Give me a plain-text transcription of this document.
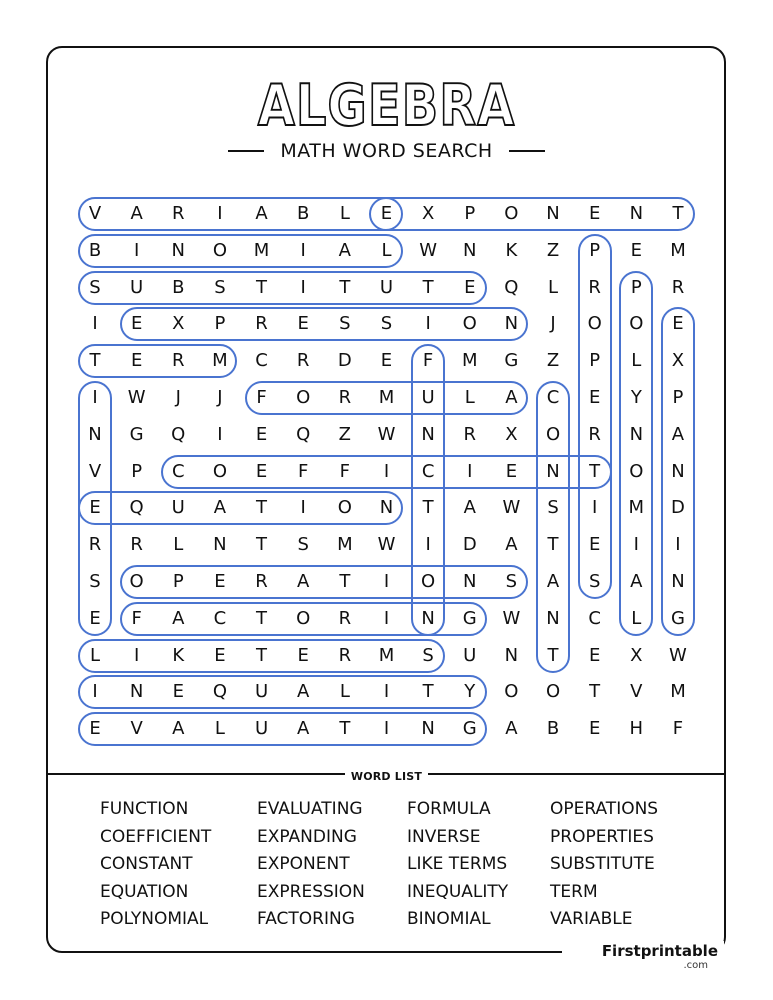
ALGEBRA
MATH WORD SEARCH
V	A	R	I	A	B	L	E	X	P	O	N	E	N	T
B	I	N	O	M	I	A	L	W	N	K	Z	P	E	M
S	U	B	S	T	I	T	U	T	E	Q	L	R	P	R
I	E	X	P	R	E	S	S	I	O	N	J	O	O	E
T	E	R	M	C	R	D	E	F	M	G	Z	P	L	X
I	W	J	J	F	O	R	M	U	L	A	C	E	Y	P
N	G	Q	I	E	Q	Z	W	N	R	X	O	R	N	A
V	P	C	O	E	F	F	I	C	I	E	N	T	O	N
E	Q	U	A	T	I	O	N	T	A	W	S	I	M	D
R	R	L	N	T	S	M	W	I	D	A	T	E	I	I
S	O	P	E	R	A	T	I	O	N	S	A	S	A	N
E	F	A	C	T	O	R	I	N	G	W	N	C	L	G
L	I	K	E	T	E	R	M	S	U	N	T	E	X	W
I	N	E	Q	U	A	L	I	T	Y	O	O	T	V	M
E	V	A	L	U	A	T	I	N	G	A	B	E	H	F
WORD LIST
FUNCTION
COEFFICIENT
CONSTANT
EQUATION
POLYNOMIAL
EVALUATING
EXPANDING
EXPONENT
EXPRESSION
FACTORING
FORMULA
INVERSE
LIKE TERMS
INEQUALITY
BINOMIAL
OPERATIONS
PROPERTIES
SUBSTITUTE
TERM
VARIABLE
Firstprintable
.com
